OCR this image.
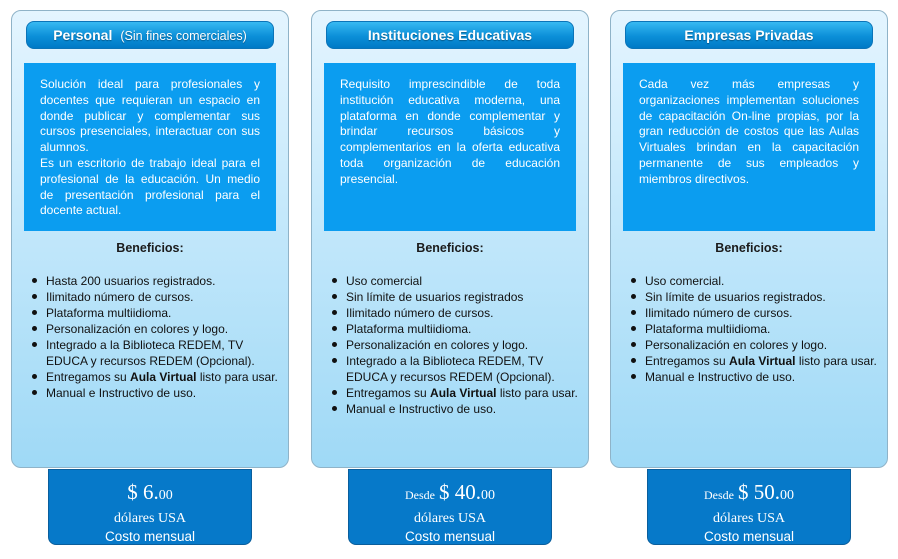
Personal (Sin fines comerciales)

Solución ideal para profesionales y docentes que requieran un espacio en donde publicar y complementar sus cursos presenciales, interactuar con sus alumnos.

Es un escritorio de trabajo ideal para el profesional de la educación. Un medio de presentación profesional para el docente actual.

Beneficios:
Hasta 200 usuarios registrados.
Ilimitado número de cursos.
Plataforma multiidioma.
Personalización en colores y logo.
Integrado a la Biblioteca REDEM, TV EDUCA y recursos REDEM (Opcional).
Entregamos su Aula Virtual listo para usar.
Manual e Instructivo de uso.
$ 6.00
dólares USA
Costo mensual
Instituciones Educativas

Requisito imprescindible de toda institución educativa moderna, una plataforma en donde complementar y brindar recursos básicos y complementarios en la oferta educativa toda organización de educación presencial.

Beneficios:
Uso comercial
Sin límite de usuarios registrados
Ilimitado número de cursos.
Plataforma multiidioma.
Personalización en colores y logo.
Integrado a la Biblioteca REDEM, TV EDUCA y recursos REDEM (Opcional).
Entregamos su Aula Virtual listo para usar.
Manual e Instructivo de uso.
Desde $ 40.00
dólares USA
Costo mensual
Empresas Privadas

Cada vez más empresas y organizaciones implementan soluciones de capacitación On-line propias, por la gran reducción de costos que las Aulas Virtuales brindan en la capacitación permanente de sus empleados y miembros directivos.

Beneficios:
Uso comercial.
Sin límite de usuarios registrados.
Ilimitado número de cursos.
Plataforma multiidioma.
Personalización en colores y logo.
Entregamos su Aula Virtual listo para usar.
Manual e Instructivo de uso.
Desde $ 50.00
dólares USA
Costo mensual
